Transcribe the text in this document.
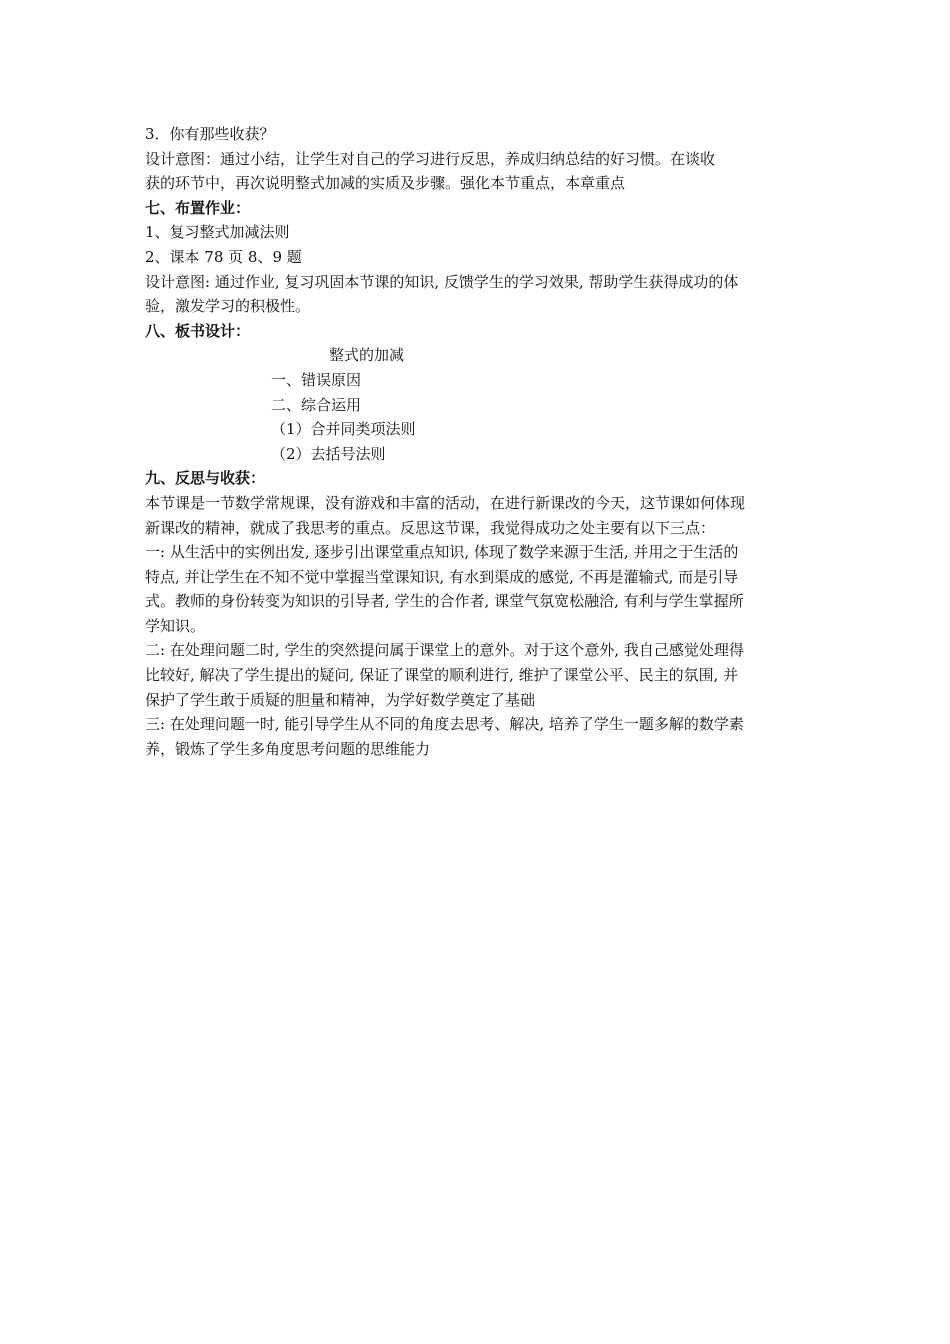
3．你有那些收获？
设计意图：通过小结，让学生对自己的学习进行反思，养成归纳总结的好习惯。在谈收
获的环节中，再次说明整式加减的实质及步骤。强化本节重点，本章重点
七、布置作业：
1、复习整式加减法则
2、课本 78 页 8、9 题
设计意图: 通过作业, 复习巩固本节课的知识, 反馈学生的学习效果, 帮助学生获得成功的体
验，激发学习的积极性。
八、板书设计：
整式的加减
一、错误原因
二、综合运用
（1）合并同类项法则
（2）去括号法则
九、反思与收获：
本节课是一节数学常规课，没有游戏和丰富的活动，在进行新课改的今天，这节课如何体现
新课改的精神，就成了我思考的重点。反思这节课，我觉得成功之处主要有以下三点：
一: 从生活中的实例出发, 逐步引出课堂重点知识, 体现了数学来源于生活, 并用之于生活的
特点, 并让学生在不知不觉中掌握当堂课知识, 有水到渠成的感觉, 不再是灌输式, 而是引导
式。教师的身份转变为知识的引导者, 学生的合作者, 课堂气氛宽松融洽, 有利与学生掌握所
学知识。
二: 在处理问题二时, 学生的突然提问属于课堂上的意外。对于这个意外, 我自己感觉处理得
比较好, 解决了学生提出的疑问, 保证了课堂的顺利进行, 维护了课堂公平、民主的氛围, 并
保护了学生敢于质疑的胆量和精神，为学好数学奠定了基础
三: 在处理问题一时, 能引导学生从不同的角度去思考、解决, 培养了学生一题多解的数学素
养，锻炼了学生多角度思考问题的思维能力
